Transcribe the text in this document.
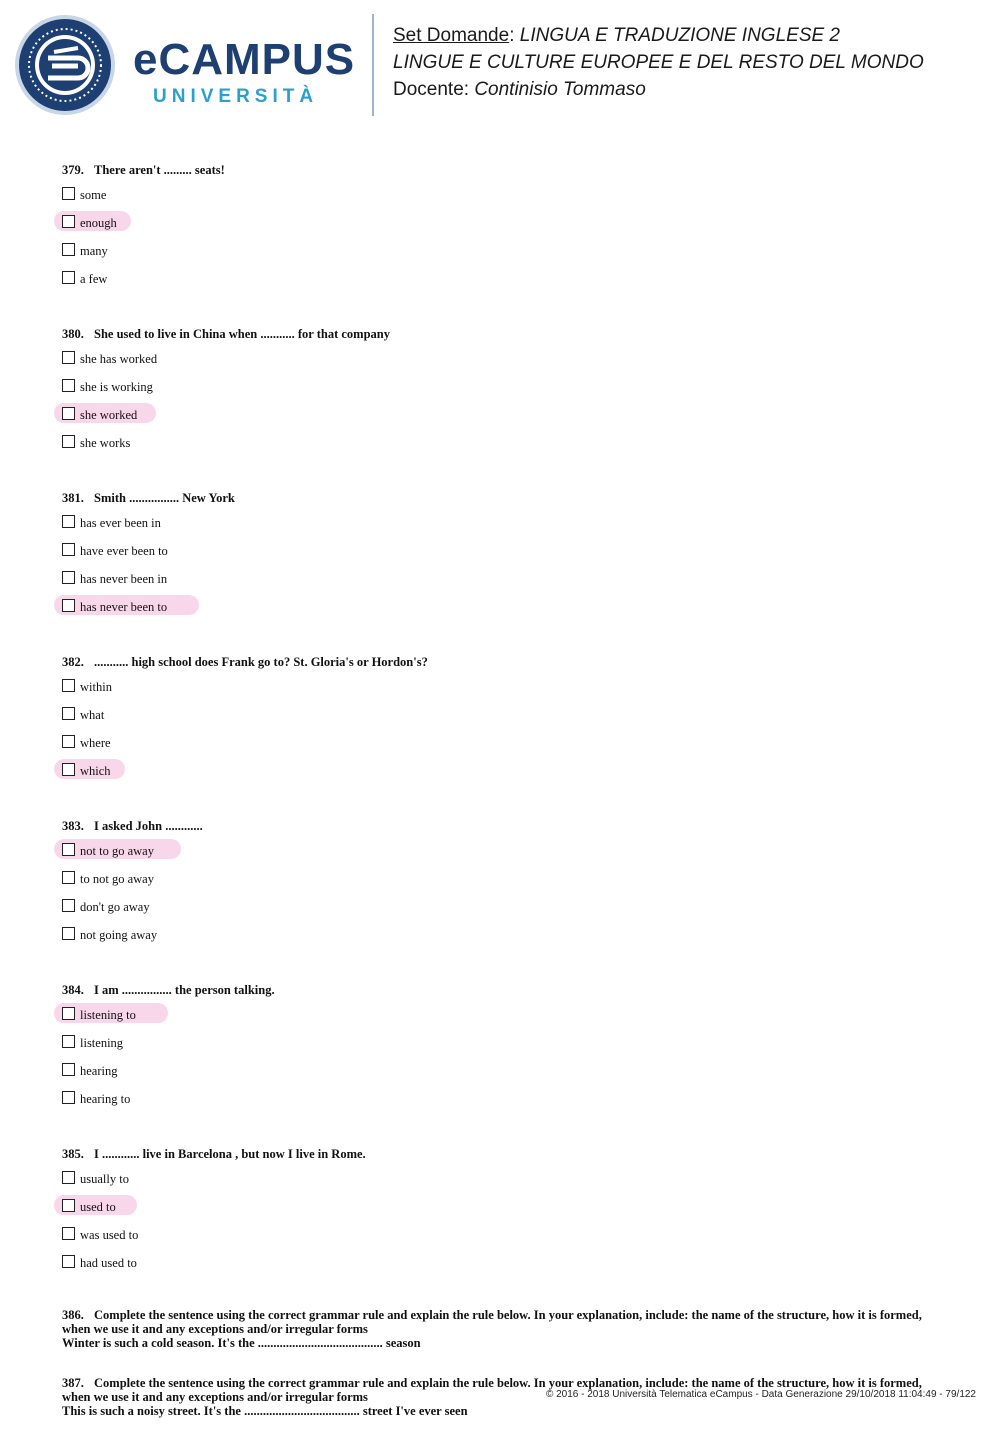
eCAMPUS
UNIVERSITÀ
Set Domande: LINGUA E TRADUZIONE INGLESE 2
LINGUE E CULTURE EUROPEE E DEL RESTO DEL MONDO
Docente: Continisio Tommaso
379. There aren't ......... seats!
some
enough
many
a few
380. She used to live in China when ........... for that company
she has worked
she is working
she worked
she works
381. Smith ................ New York
has ever been in
have ever been to
has never been in
has never been to
382. ........... high school does Frank go to? St. Gloria's or Hordon's?
within
what
where
which
383. I asked John ............
not to go away
to not go away
don't go away
not going away
384. I am ................ the person talking.
listening to
listening
hearing
hearing to
385. I ............ live in Barcelona , but now I live in Rome.
usually to
used to
was used to
had used to
386. Complete the sentence using the correct grammar rule and explain the rule below. In your explanation, include: the name of the structure, how it is formed,
when we use it and any exceptions and/or irregular forms
Winter is such a cold season. It's the ........................................ season
387. Complete the sentence using the correct grammar rule and explain the rule below. In your explanation, include: the name of the structure, how it is formed,
when we use it and any exceptions and/or irregular forms
This is such a noisy street. It's the ..................................... street I've ever seen
© 2016 - 2018 Università Telematica eCampus - Data Generazione 29/10/2018 11:04:49 - 79/122
